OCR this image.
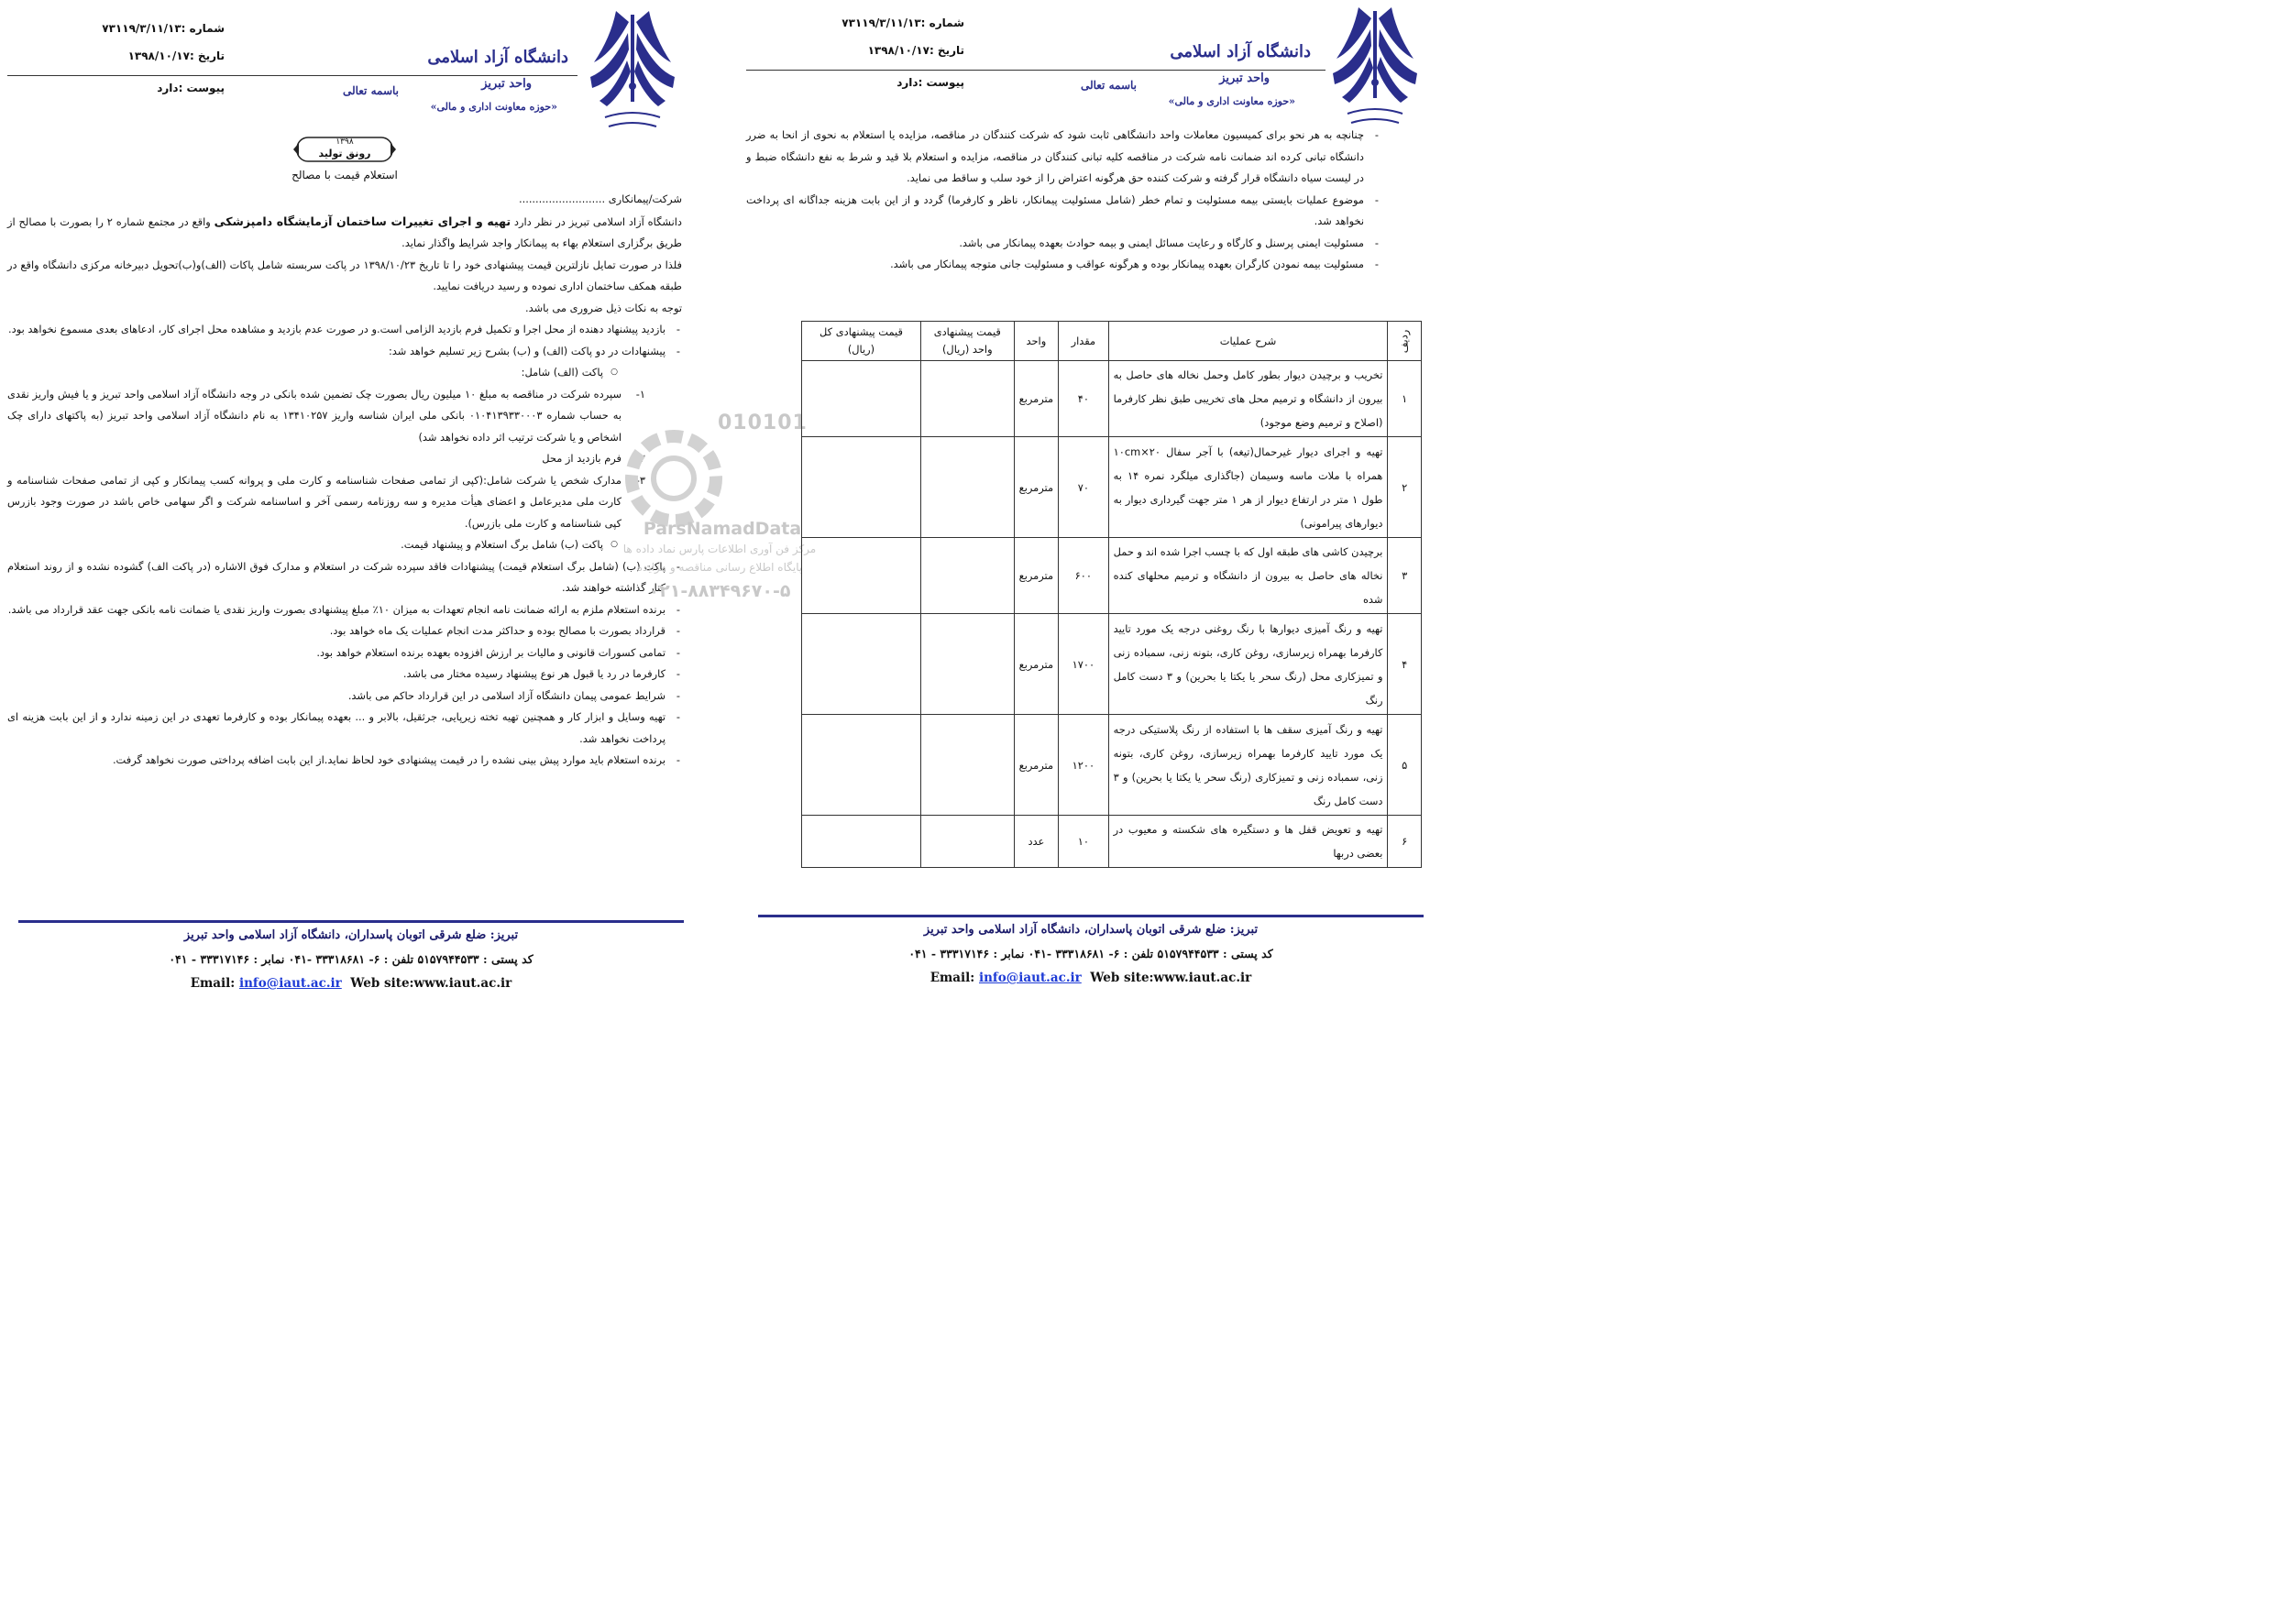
دانشگاه آزاد اسلامی
واحد تبریز
«حوزه معاونت اداری و مالی»
شماره :۷۳۱۱۹/۳/۱۱/۱۳
تاریخ :۱۳۹۸/۱۰/۱۷
پیوست :دارد	باسمه تعالی
۱۳۹۸
رونق تولید
استعلام قیمت با مصالح

شرکت/پیمانکاری ..........................

دانشگاه آزاد اسلامی تبریز در نظر دارد تهیه و اجرای تغییرات ساختمان آزمایشگاه دامپزشکی واقع در مجتمع شماره ۲ را بصورت با مصالح از طریق برگزاری استعلام بهاء به پیمانکار واجد شرایط واگذار نماید.

فلذا در صورت تمایل نازلترین قیمت پیشنهادی خود را تا تاریخ ۱۳۹۸/۱۰/۲۳ در پاکت سربسته شامل پاکات (الف)و(ب)تحویل دبیرخانه مرکزی دانشگاه واقع در طبقه همکف ساختمان اداری نموده و رسید دریافت نمایید.

توجه به نکات ذیل ضروری می باشد.

- بازدید پیشنهاد دهنده از محل اجرا و تکمیل فرم بازدید الزامی است.و در صورت عدم بازدید و مشاهده محل اجرای کار، ادعاهای بعدی مسموع نخواهد بود.

- پیشنهادات در دو پاکت (الف) و (ب) بشرح زیر تسلیم خواهد شد:

○ پاکت (الف) شامل:

۱-
سپرده شرکت در مناقصه به مبلغ ۱۰ میلیون ریال بصورت چک تضمین شده بانکی در وجه دانشگاه آزاد اسلامی واحد تبریز و یا فیش واریز نقدی به حساب شماره ۰۱۰۴۱۳۹۳۳۰۰۰۳ بانکی ملی ایران شناسه واریز ۱۳۴۱۰۲۵۷ به نام دانشگاه آزاد اسلامی واحد تبریز (به پاکتهای دارای چک اشخاص و یا شرکت ترتیب اثر داده نخواهد شد)

۲-
فرم بازدید از محل

۳-
مدارک شخص یا شرکت شامل:(کپی از تمامی صفحات شناسنامه و کارت ملی و پروانه کسب پیمانکار و کپی از تمامی صفحات شناسنامه و کارت ملی مدیرعامل و اعضای هیأت مدیره و سه روزنامه رسمی آخر و اساسنامه شرکت و اگر سهامی خاص باشد در صورت وجود بازرس کپی شناسنامه و کارت ملی بازرس).

○ پاکت (ب) شامل برگ استعلام و پیشنهاد قیمت.

- پاکت (ب) (شامل برگ استعلام قیمت) پیشنهادات فاقد سپرده شرکت در استعلام و مدارک فوق الاشاره (در پاکت الف) گشوده نشده و از روند استعلام کنار گذاشته خواهند شد.

- برنده استعلام ملزم به ارائه ضمانت نامه انجام تعهدات به میزان ۱۰٪ مبلغ پیشنهادی بصورت واریز نقدی یا ضمانت نامه بانکی جهت عقد قرارداد می باشد.

- قرارداد بصورت با مصالح بوده و حداکثر مدت انجام عملیات یک ماه خواهد بود.

- تمامی کسورات قانونی و مالیات بر ارزش افزوده بعهده برنده استعلام خواهد بود.

- کارفرما در رد یا قبول هر نوع پیشنهاد رسیده مختار می باشد.

- شرایط عمومی پیمان دانشگاه آزاد اسلامی در این قرارداد حاکم می باشد.

- تهیه وسایل و ابزار کار و همچنین تهیه تخته زیرپایی، جرثقیل، بالابر و ... بعهده پیمانکار بوده و کارفرما تعهدی در این زمینه ندارد و از این بابت هزینه ای پرداخت نخواهد شد.

- برنده استعلام باید موارد پیش بینی نشده را در قیمت پیشنهادی خود لحاظ نماید.از این بابت اضافه پرداختی صورت نخواهد گرفت.

تبریز: ضلع شرقی اتوبان پاسداران، دانشگاه آزاد اسلامی واحد تبریز
کد پستی : ۵۱۵۷۹۴۴۵۳۳ تلفن : ۶- ۳۳۳۱۸۶۸۱ -۰۴۱ نمابر : ۳۳۳۱۷۱۴۶ - ۰۴۱
Email: info@iaut.ac.ir Web site:www.iaut.ac.ir
010101
ParsNamadData
مرکز فن آوری اطلاعات پارس نماد داده ها
پایگاه اطلاع رسانی مناقصه و مزایده
۰۲۱-۸۸۳۴۹۶۷۰-۵
دانشگاه آزاد اسلامی
واحد تبریز
«حوزه معاونت اداری و مالی»
شماره :۷۳۱۱۹/۳/۱۱/۱۳
تاریخ :۱۳۹۸/۱۰/۱۷
پیوست :دارد	باسمه تعالی

- چنانچه به هر نحو برای کمیسیون معاملات واحد دانشگاهی ثابت شود که شرکت کنندگان در مناقصه، مزایده یا استعلام به نحوی از انحا به ضرر دانشگاه تبانی کرده اند ضمانت نامه شرکت در مناقصه کلیه تبانی کنندگان در مناقصه، مزایده و استعلام بلا قید و شرط به نفع دانشگاه ضبط و در لیست سیاه دانشگاه قرار گرفته و شرکت کننده حق هرگونه اعتراض را از خود سلب و ساقط می نماید.

- موضوع عملیات بایستی بیمه مسئولیت و تمام خطر (شامل مسئولیت پیمانکار، ناظر و کارفرما) گردد و از این بابت هزینه جداگانه ای پرداخت نخواهد شد.

- مسئولیت ایمنی پرسنل و کارگاه و رعایت مسائل ایمنی و بیمه حوادث بعهده پیمانکار می باشد.

- مسئولیت بیمه نمودن کارگران بعهده پیمانکار بوده و هرگونه عواقب و مسئولیت جانی متوجه پیمانکار می باشد.

ردیف	شرح عملیات	مقدار	واحد	قیمت پیشنهادی واحد (ریال)	قیمت پیشنهادی کل (ریال)
۱	تخریب و برچیدن دیوار بطور کامل وحمل نخاله های حاصل به بیرون از دانشگاه و ترمیم محل های تخریبی طبق نظر کارفرما (اصلاح و ترمیم وضع موجود)	۴۰	مترمربع		
۲	تهیه و اجرای دیوار غیرحمال(تیغه) با آجر سفال ۱۰cm×۲۰ همراه با ملات ماسه وسیمان (جاگذاری میلگرد نمره ۱۴ به طول ۱ متر در ارتفاع دیوار از هر ۱ متر جهت گیرداری دیوار به دیوارهای پیرامونی)	۷۰	مترمربع		
۳	برچیدن کاشی های طبقه اول که با چسب اجرا شده اند و حمل نخاله های حاصل به بیرون از دانشگاه و ترمیم محلهای کنده شده	۶۰۰	مترمربع		
۴	تهیه و رنگ آمیزی دیوارها با رنگ روغنی درجه یک مورد تایید کارفرما بهمراه زیرسازی، روغن کاری، بتونه زنی، سمباده زنی و تمیزکاری محل (رنگ سحر یا یکتا یا بحرین) و ۳ دست کامل رنگ	۱۷۰۰	مترمربع		
۵	تهیه و رنگ آمیزی سقف ها با استفاده از رنگ پلاستیکی درجه یک مورد تایید کارفرما بهمراه زیرسازی، روغن کاری، بتونه زنی، سمباده زنی و تمیزکاری (رنگ سحر یا یکتا یا بحرین) و ۳ دست کامل رنگ	۱۲۰۰	مترمربع		
۶	تهیه و تعویض قفل ها و دستگیره های شکسته و معیوب در بعضی دربها	۱۰	عدد		
تبریز: ضلع شرقی اتوبان پاسداران، دانشگاه آزاد اسلامی واحد تبریز
کد پستی : ۵۱۵۷۹۴۴۵۳۳ تلفن : ۶- ۳۳۳۱۸۶۸۱ -۰۴۱ نمابر : ۳۳۳۱۷۱۴۶ - ۰۴۱
Email: info@iaut.ac.ir Web site:www.iaut.ac.ir
